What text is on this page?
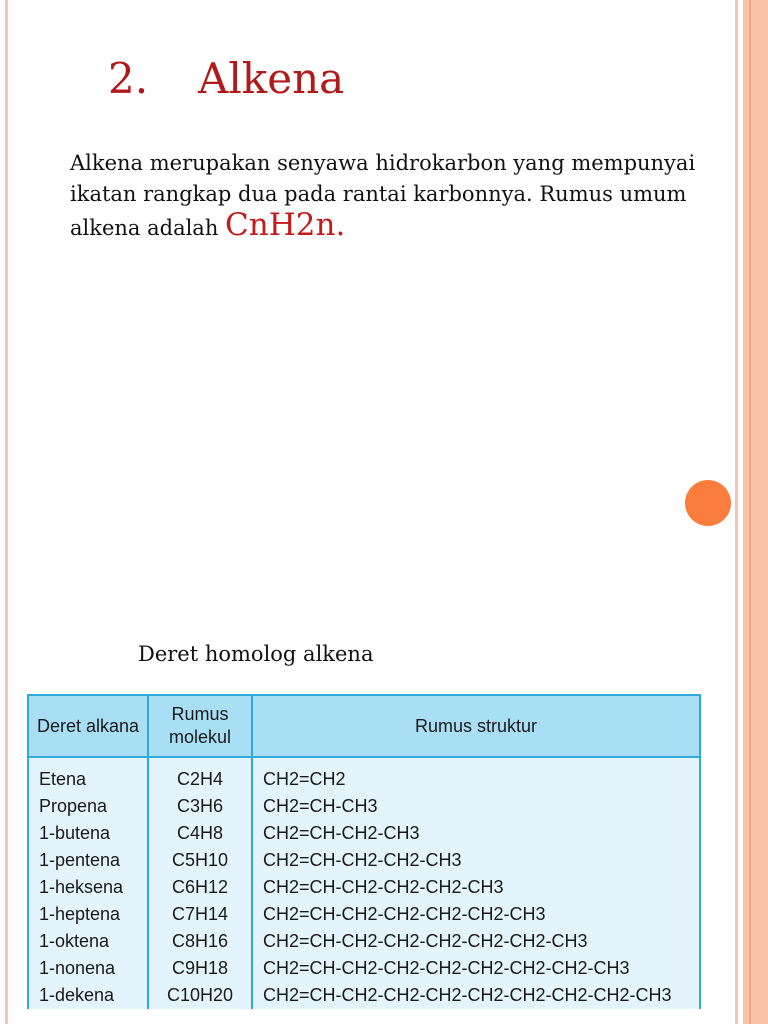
2. Alkena
Alkena merupakan senyawa hidrokarbon yang mempunyai ikatan rangkap dua pada rantai karbonnya. Rumus umum alkena adalah CnH2n.
Deret homolog alkena
Deret alkana	Rumus molekul	Rumus struktur
Etena	C2H4	CH2=CH2
Propena	C3H6	CH2=CH-CH3
1-butena	C4H8	CH2=CH-CH2-CH3
1-pentena	C5H10	CH2=CH-CH2-CH2-CH3
1-heksena	C6H12	CH2=CH-CH2-CH2-CH2-CH3
1-heptena	C7H14	CH2=CH-CH2-CH2-CH2-CH2-CH3
1-oktena	C8H16	CH2=CH-CH2-CH2-CH2-CH2-CH2-CH3
1-nonena	C9H18	CH2=CH-CH2-CH2-CH2-CH2-CH2-CH2-CH3
1-dekena	C10H20	CH2=CH-CH2-CH2-CH2-CH2-CH2-CH2-CH2-CH3
